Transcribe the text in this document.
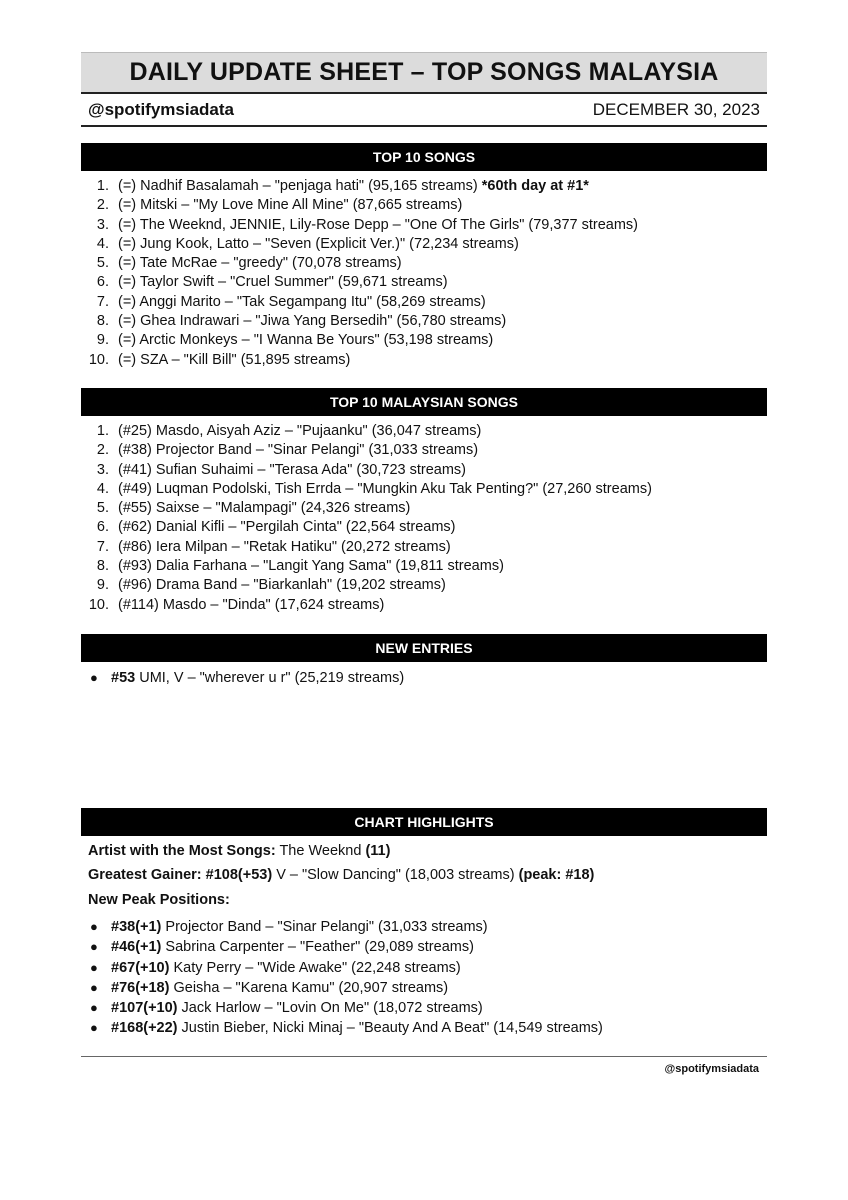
DAILY UPDATE SHEET – TOP SONGS MALAYSIA
@spotifymsiadata	DECEMBER 30, 2023
TOP 10 SONGS
1. (=) Nadhif Basalamah – "penjaga hati" (95,165 streams) *60th day at #1*
2. (=) Mitski – "My Love Mine All Mine" (87,665 streams)
3. (=) The Weeknd, JENNIE, Lily-Rose Depp – "One Of The Girls" (79,377 streams)
4. (=) Jung Kook, Latto – "Seven (Explicit Ver.)" (72,234 streams)
5. (=) Tate McRae – "greedy" (70,078 streams)
6. (=) Taylor Swift – "Cruel Summer" (59,671 streams)
7. (=) Anggi Marito – "Tak Segampang Itu" (58,269 streams)
8. (=) Ghea Indrawari – "Jiwa Yang Bersedih" (56,780 streams)
9. (=) Arctic Monkeys – "I Wanna Be Yours" (53,198 streams)
10. (=) SZA – "Kill Bill" (51,895 streams)
TOP 10 MALAYSIAN SONGS
1. (#25) Masdo, Aisyah Aziz – "Pujaanku" (36,047 streams)
2. (#38) Projector Band – "Sinar Pelangi" (31,033 streams)
3. (#41) Sufian Suhaimi – "Terasa Ada" (30,723 streams)
4. (#49) Luqman Podolski, Tish Errda – "Mungkin Aku Tak Penting?" (27,260 streams)
5. (#55) Saixse – "Malampagi" (24,326 streams)
6. (#62) Danial Kifli – "Pergilah Cinta" (22,564 streams)
7. (#86) Iera Milpan – "Retak Hatiku" (20,272 streams)
8. (#93) Dalia Farhana – "Langit Yang Sama" (19,811 streams)
9. (#96) Drama Band – "Biarkanlah" (19,202 streams)
10. (#114) Masdo – "Dinda" (17,624 streams)
NEW ENTRIES
● #53 UMI, V – "wherever u r" (25,219 streams)
CHART HIGHLIGHTS
Artist with the Most Songs: The Weeknd (11)
Greatest Gainer: #108(+53) V – "Slow Dancing" (18,003 streams) (peak: #18)
New Peak Positions:
● #38(+1) Projector Band – "Sinar Pelangi" (31,033 streams)
● #46(+1) Sabrina Carpenter – "Feather" (29,089 streams)
● #67(+10) Katy Perry – "Wide Awake" (22,248 streams)
● #76(+18) Geisha – "Karena Kamu" (20,907 streams)
● #107(+10) Jack Harlow – "Lovin On Me" (18,072 streams)
● #168(+22) Justin Bieber, Nicki Minaj – "Beauty And A Beat" (14,549 streams)
@spotifymsiadata
